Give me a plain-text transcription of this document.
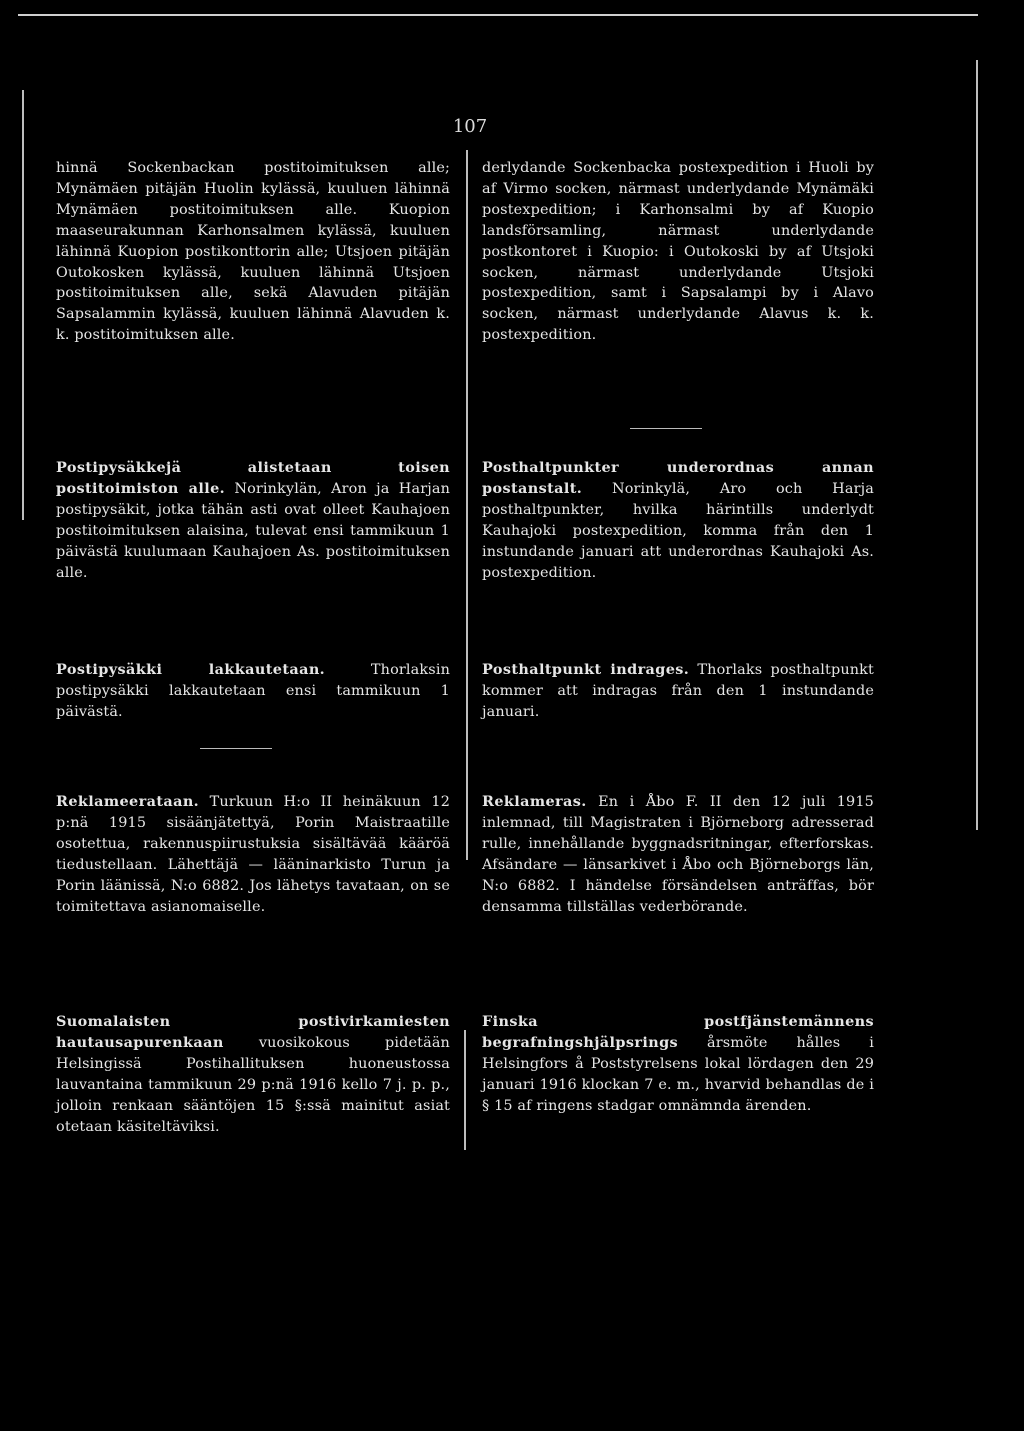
107

hinnä Sockenbackan postitoimituksen alle; Mynämäen pitäjän Huolin kylässä, kuuluen lähinnä Mynämäen postitoimituksen alle. Kuopion maaseurakunnan Karhonsalmen kylässä, kuuluen lähinnä Kuopion postikonttorin alle; Utsjoen pitäjän Outokosken kylässä, kuuluen lähinnä Utsjoen postitoimituksen alle, sekä Alavuden pitäjän Sapsalammin kylässä, kuuluen lähinnä Alavuden k. k. postitoimituksen alle.

Postipysäkkejä alistetaan toisen postitoimiston alle. Norinkylän, Aron ja Harjan postipysäkit, jotka tähän asti ovat olleet Kauhajoen postitoimituksen alaisina, tulevat ensi tammikuun 1 päivästä kuulumaan Kauhajoen As. postitoimituksen alle.

Postipysäkki lakkautetaan.	Thorlaksin postipysäkki lakkautetaan ensi tammikuun 1 päivästä.

Reklameerataan. Turkuun H:o II heinäkuun 12 p:nä 1915 sisäänjätettyä, Porin Maistraatille osotettua, rakennuspiirustuksia sisältävää kääröä tiedustellaan. Lähettäjä — lääninarkisto Turun ja Porin läänissä, N:o 6882. Jos lähetys tavataan, on se toimitettava asianomaiselle.

Suomalaisten postivirkamiesten hautausapurenkaan vuosikokous pidetään Helsingissä Postihallituksen huoneustossa lauvantaina tammikuun 29 p:nä 1916 kello 7 j. p. p., jolloin renkaan sääntöjen 15 §:ssä mainitut asiat otetaan käsiteltäviksi.

derlydande Sockenbacka postexpedition i Huoli by af Virmo socken, närmast underlydande Mynämäki postexpedition; i Karhonsalmi by af Kuopio landsförsamling, närmast underlydande postkontoret i Kuopio: i Outokoski by af Utsjoki socken, närmast underlydande Utsjoki postexpedition, samt i Sapsalampi by i Alavo socken, närmast underlydande Alavus k. k. postexpedition.

Posthaltpunkter underordnas annan postanstalt. Norinkylä, Aro och Harja posthaltpunkter, hvilka härintills underlydt Kauhajoki postexpedition, komma från den 1 instundande januari att underordnas Kauhajoki As. postexpedition.

Posthaltpunkt indrages. Thorlaks posthaltpunkt kommer att indragas från den 1 instundande januari.

Reklameras. En i Åbo F. II den 12 juli 1915 inlemnad, till Magistraten i Björneborg adresserad rulle, innehållande byggnadsritningar, efterforskas. Afsändare — länsarkivet i Åbo och Björneborgs län, N:o 6882. I händelse försändelsen anträffas, bör densamma tillställas vederbörande.

Finska postfjänstemännens begrafningshjälpsrings årsmöte hålles i Helsingfors å Poststyrelsens lokal lördagen den 29 januari 1916 klockan 7 e. m., hvarvid behandlas de i § 15 af ringens stadgar omnämnda ärenden.
